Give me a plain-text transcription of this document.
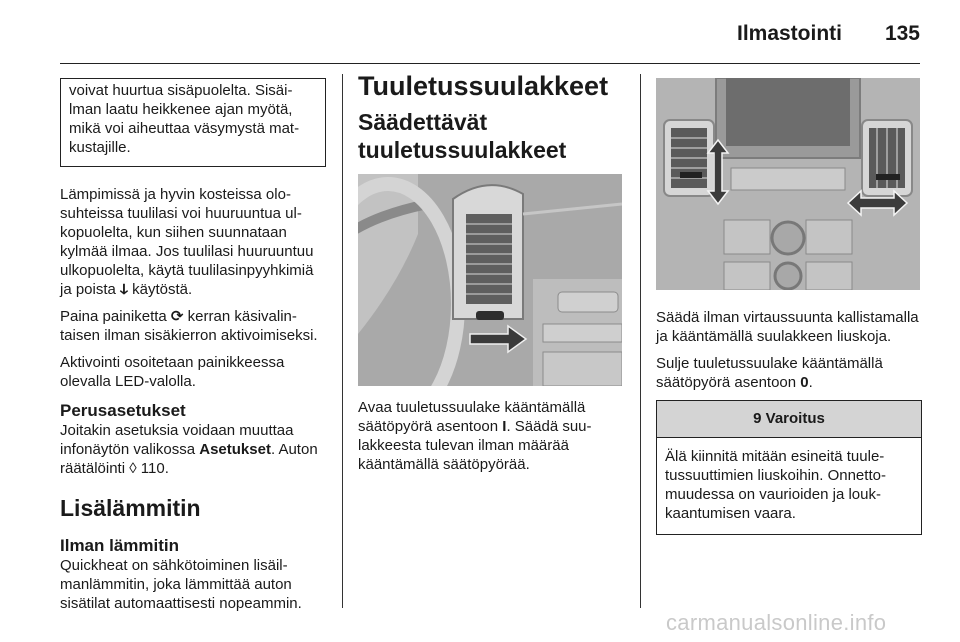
Ilmastointi 135
voivat huurtua sisäpuolelta. Sisäilman laatu heikkenee ajan myötä, mikä voi aiheuttaa väsymystä matkustajille.

Lämpimissä ja hyvin kosteissa olosuhteissa tuulilasi voi huuruuntua ulkopuolelta, kun siihen suunnataan kylmää ilmaa. Jos tuulilasi huuruuntuu ulkopuolelta, käytä tuulilasinpyyhkimiä ja poista ↆ käytöstä.

Paina painiketta ⟳ kerran käsivalintaisen ilman sisäkierron aktivoimiseksi.

Aktivointi osoitetaan painikkeessa olevalla LED-valolla.

Perusasetukset

Joitakin asetuksia voidaan muuttaa infonäytön valikossa Asetukset. Auton räätälöinti ◊ 110.

Lisälämmitin
Ilman lämmitin

Quickheat on sähkötoiminen lisäilmanlämmitin, joka lämmittää auton sisätilat automaattisesti nopeammin.

Tuuletussuulakkeet
Säädettävät
tuuletussuulakkeet

Avaa tuuletussuulake kääntämällä säätöpyörä asentoon I. Säädä suulakkeesta tulevan ilman määrää kääntämällä säätöpyörää.

Säädä ilman virtaussuunta kallistamalla ja kääntämällä suulakkeen liuskoja.

Sulje tuuletussuulake kääntämällä säätöpyörä asentoon 0.

9 Varoitus
Älä kiinnitä mitään esineitä tuuletussuuttimien liuskoihin. Onnettomuudessa on vaurioiden ja loukkaantumisen vaara.
carmanualsonline.info
